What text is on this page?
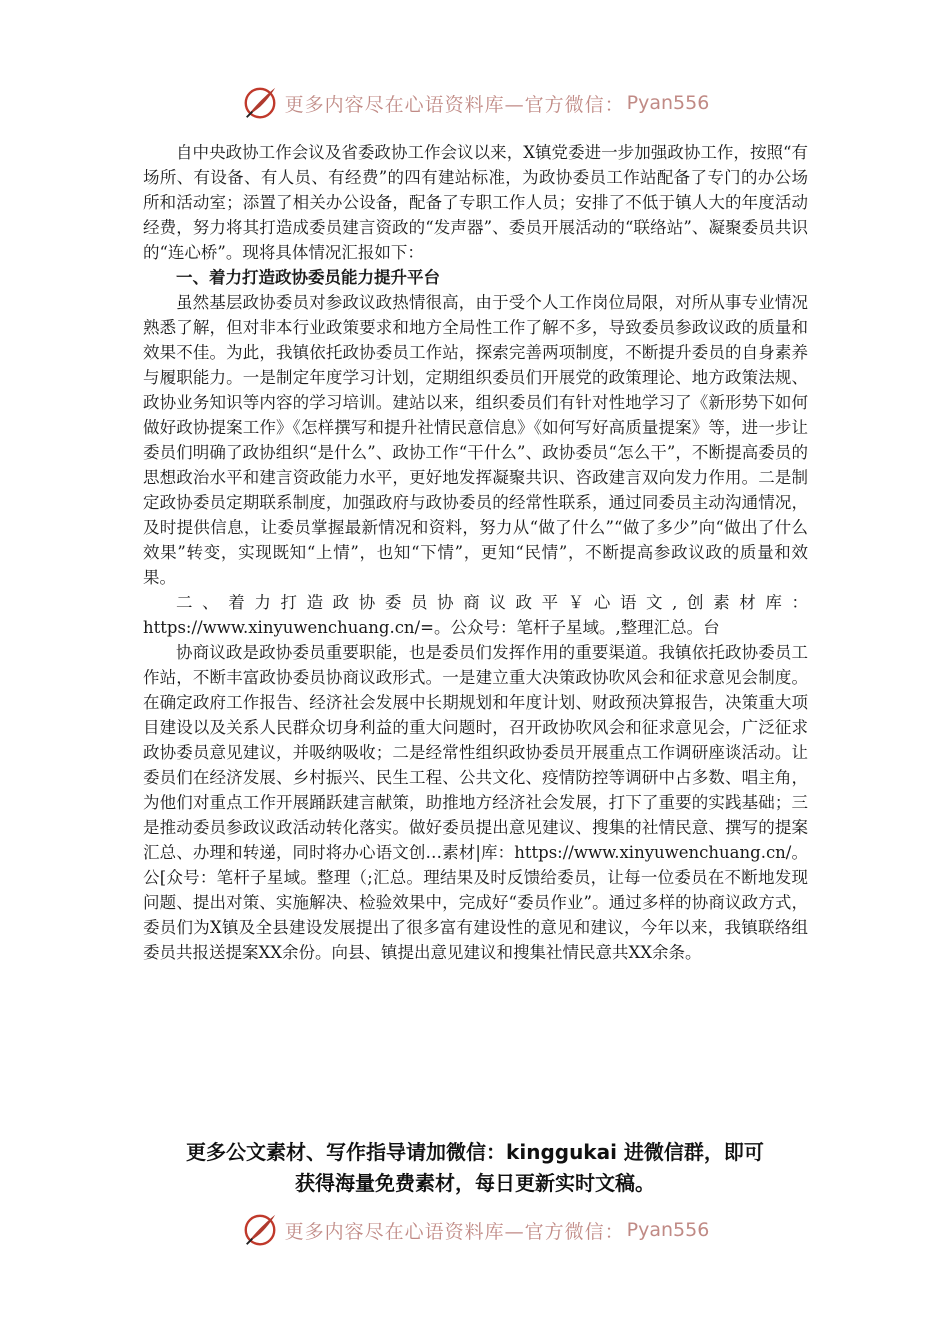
更多内容尽在心语资料库—官方微信： Pyan556

自中央政协工作会议及省委政协工作会议以来，X镇党委进一步加强政协工作，按照“有场所、有设备、有人员、有经费”的四有建站标准，为政协委员工作站配备了专门的办公场所和活动室；添置了相关办公设备，配备了专职工作人员；安排了不低于镇人大的年度活动经费，努力将其打造成委员建言资政的“发声器”、委员开展活动的“联络站”、凝聚委员共识的“连心桥”。现将具体情况汇报如下：

一、着力打造政协委员能力提升平台

虽然基层政协委员对参政议政热情很高，由于受个人工作岗位局限，对所从事专业情况熟悉了解，但对非本行业政策要求和地方全局性工作了解不多，导致委员参政议政的质量和效果不佳。为此，我镇依托政协委员工作站，探索完善两项制度，不断提升委员的自身素养与履职能力。一是制定年度学习计划，定期组织委员们开展党的政策理论、地方政策法规、政协业务知识等内容的学习培训。建站以来，组织委员们有针对性地学习了《新形势下如何做好政协提案工作》《怎样撰写和提升社情民意信息》《如何写好高质量提案》等，进一步让委员们明确了政协组织“是什么”、政协工作“干什么”、政协委员“怎么干”，不断提高委员的思想政治水平和建言资政能力水平，更好地发挥凝聚共识、咨政建言双向发力作用。二是制定政协委员定期联系制度，加强政府与政协委员的经常性联系，通过同委员主动沟通情况，及时提供信息，让委员掌握最新情况和资料，努力从“做了什么”“做了多少”向“做出了什么效果”转变，实现既知“上情”，也知“下情”，更知“民情”，不断提高参政议政的质量和效果。

二、着力打造政协委员协商议政平￥心语文,创素材库：https://www.xinyuwenchuang.cn/=。公众号：笔杆子星域。,整理汇总。台

协商议政是政协委员重要职能，也是委员们发挥作用的重要渠道。我镇依托政协委员工作站，不断丰富政协委员协商议政形式。一是建立重大决策政协吹风会和征求意见会制度。在确定政府工作报告、经济社会发展中长期规划和年度计划、财政预决算报告，决策重大项目建设以及关系人民群众切身利益的重大问题时，召开政协吹风会和征求意见会，广泛征求政协委员意见建议，并吸纳吸收；二是经常性组织政协委员开展重点工作调研座谈活动。让委员们在经济发展、乡村振兴、民生工程、公共文化、疫情防控等调研中占多数、唱主角，为他们对重点工作开展踊跃建言献策，助推地方经济社会发展，打下了重要的实践基础；三是推动委员参政议政活动转化落实。做好委员提出意见建议、搜集的社情民意、撰写的提案汇总、办理和转递，同时将办心语文创…素材|库：https://www.xinyuwenchuang.cn/。公[众号：笔杆子星域。整理（;汇总。理结果及时反馈给委员，让每一位委员在不断地发现问题、提出对策、实施解决、检验效果中，完成好“委员作业”。通过多样的协商议政方式，委员们为X镇及全县建设发展提出了很多富有建设性的意见和建议，今年以来，我镇联络组委员共报送提案XX余份。向县、镇提出意见建议和搜集社情民意共XX余条。

更多公文素材、写作指导请加微信：kinggukai 进微信群，即可
获得海量免费素材，每日更新实时文稿。
更多内容尽在心语资料库—官方微信： Pyan556
